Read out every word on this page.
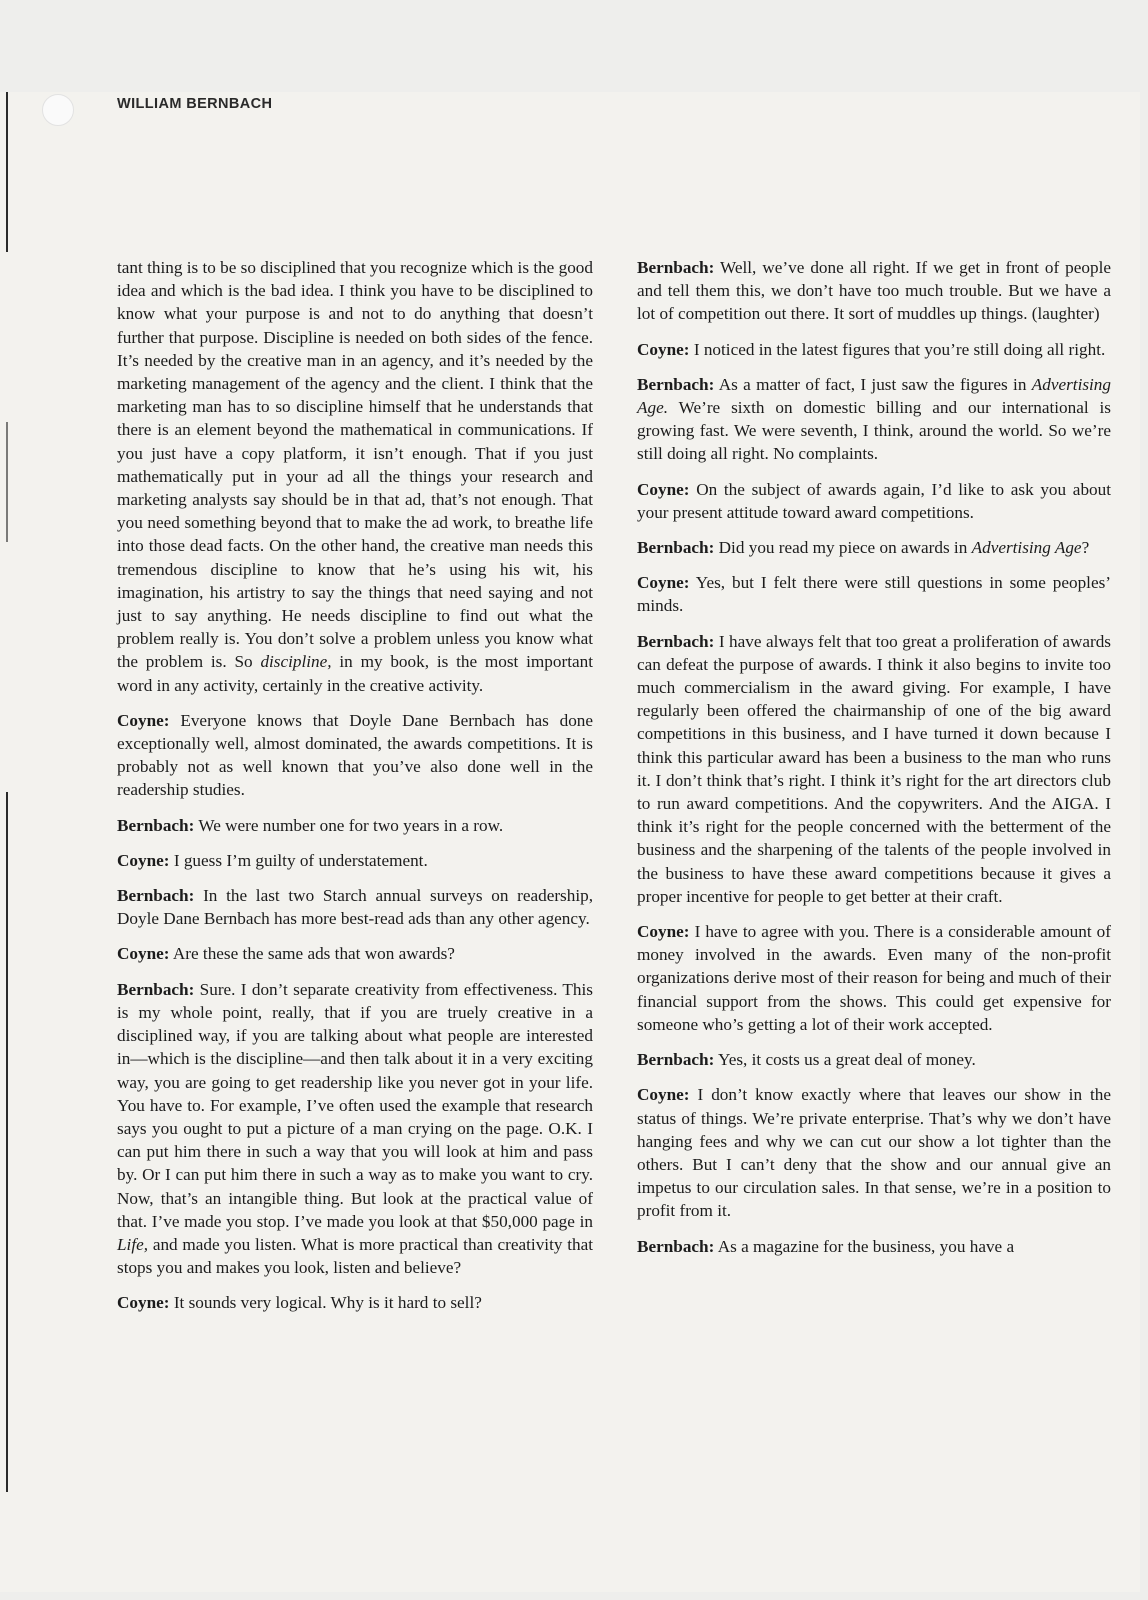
WILLIAM BERNBACH

tant thing is to be so disciplined that you recognize which is the good idea and which is the bad idea. I think you have to be disciplined to know what your purpose is and not to do anything that doesn’t further that purpose. Discipline is needed on both sides of the fence. It’s needed by the creative man in an agency, and it’s needed by the marketing management of the agency and the client. I think that the marketing man has to so discipline himself that he understands that there is an element beyond the mathematical in communications. If you just have a copy platform, it isn’t enough. That if you just mathematically put in your ad all the things your research and marketing analysts say should be in that ad, that’s not enough. That you need something beyond that to make the ad work, to breathe life into those dead facts. On the other hand, the creative man needs this tremendous discipline to know that he’s using his wit, his imagination, his artistry to say the things that need saying and not just to say anything. He needs discipline to find out what the problem really is. You don’t solve a problem unless you know what the problem is. So discipline, in my book, is the most important word in any activity, certainly in the creative activity.

Coyne: Everyone knows that Doyle Dane Bernbach has done exceptionally well, almost dominated, the awards competitions. It is probably not as well known that you’ve also done well in the readership studies.

Bernbach: We were number one for two years in a row.

Coyne: I guess I’m guilty of understatement.

Bernbach: In the last two Starch annual surveys on readership, Doyle Dane Bernbach has more best-read ads than any other agency.

Coyne: Are these the same ads that won awards?

Bernbach: Sure. I don’t separate creativity from effectiveness. This is my whole point, really, that if you are truely creative in a disciplined way, if you are talking about what people are interested in—which is the discipline—and then talk about it in a very exciting way, you are going to get readership like you never got in your life. You have to. For example, I’ve often used the example that research says you ought to put a picture of a man crying on the page. O.K. I can put him there in such a way that you will look at him and pass by. Or I can put him there in such a way as to make you want to cry. Now, that’s an intangible thing. But look at the practical value of that. I’ve made you stop. I’ve made you look at that $50,000 page in Life, and made you listen. What is more practical than creativity that stops you and makes you look, listen and believe?

Coyne: It sounds very logical. Why is it hard to sell?

Bernbach: Well, we’ve done all right. If we get in front of people and tell them this, we don’t have too much trouble. But we have a lot of competition out there. It sort of muddles up things. (laughter)

Coyne: I noticed in the latest figures that you’re still doing all right.

Bernbach: As a matter of fact, I just saw the figures in Advertising Age. We’re sixth on domestic billing and our international is growing fast. We were seventh, I think, around the world. So we’re still doing all right. No complaints.

Coyne: On the subject of awards again, I’d like to ask you about your present attitude toward award competitions.

Bernbach: Did you read my piece on awards in Advertising Age?

Coyne: Yes, but I felt there were still questions in some peoples’ minds.

Bernbach: I have always felt that too great a proliferation of awards can defeat the purpose of awards. I think it also begins to invite too much commercialism in the award giving. For example, I have regularly been offered the chairmanship of one of the big award competitions in this business, and I have turned it down because I think this particular award has been a business to the man who runs it. I don’t think that’s right. I think it’s right for the art directors club to run award competitions. And the copywriters. And the AIGA. I think it’s right for the people concerned with the betterment of the business and the sharpening of the talents of the people involved in the business to have these award competitions because it gives a proper incentive for people to get better at their craft.

Coyne: I have to agree with you. There is a considerable amount of money involved in the awards. Even many of the non-profit organizations derive most of their reason for being and much of their financial support from the shows. This could get expensive for someone who’s getting a lot of their work accepted.

Bernbach: Yes, it costs us a great deal of money.

Coyne: I don’t know exactly where that leaves our show in the status of things. We’re private enterprise. That’s why we don’t have hanging fees and why we can cut our show a lot tighter than the others. But I can’t deny that the show and our annual give an impetus to our circulation sales. In that sense, we’re in a position to profit from it.

Bernbach: As a magazine for the business, you have a
